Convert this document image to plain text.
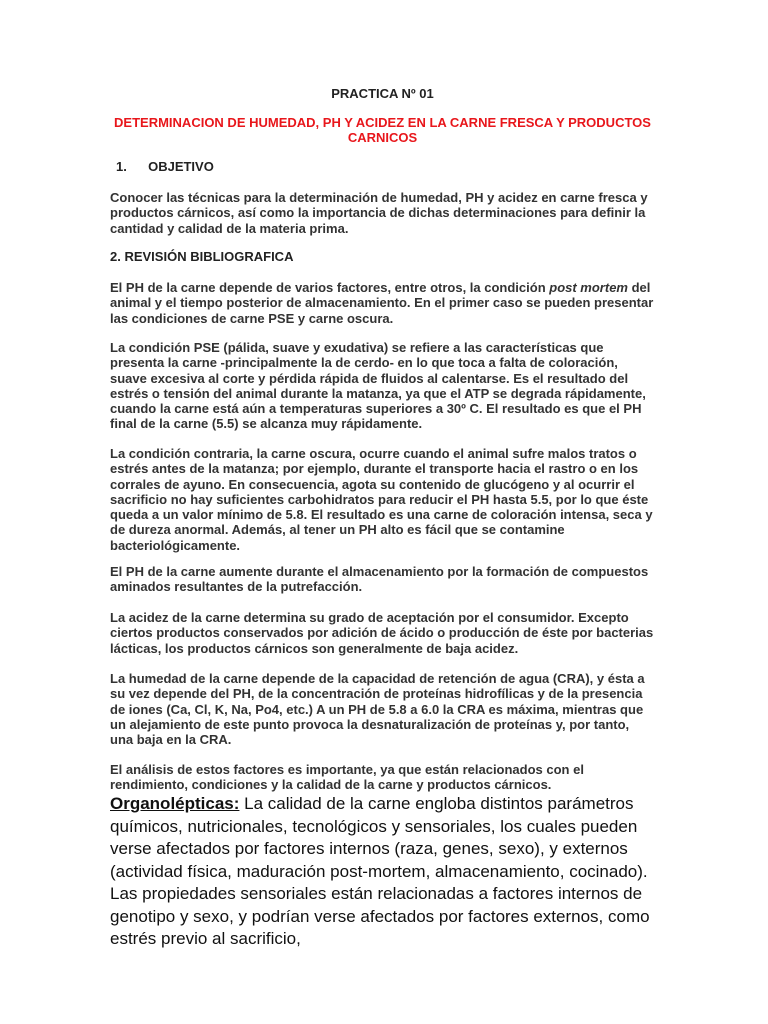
PRACTICA Nº 01
DETERMINACION DE HUMEDAD, PH Y ACIDEZ EN LA CARNE FRESCA Y PRODUCTOS CARNICOS
1. OBJETIVO
Conocer las técnicas para la determinación de humedad, PH y acidez en carne fresca y productos cárnicos, así como la importancia de dichas determinaciones para definir la cantidad y calidad de la materia prima.
2. REVISIÓN BIBLIOGRAFICA
El PH de la carne depende de varios factores, entre otros, la condición post mortem del animal y el tiempo posterior de almacenamiento. En el primer caso se pueden presentar las condiciones de carne PSE y carne oscura.
La condición PSE (pálida, suave y exudativa) se refiere a las características que presenta la carne -principalmente la de cerdo- en lo que toca a falta de coloración, suave excesiva al corte y pérdida rápida de fluidos al calentarse. Es el resultado del estrés o tensión del animal durante la matanza, ya que el ATP se degrada rápidamente, cuando la carne está aún a temperaturas superiores a 30º C. El resultado es que el PH final de la carne (5.5) se alcanza muy rápidamente.
La condición contraria, la carne oscura, ocurre cuando el animal sufre malos tratos o estrés antes de la matanza; por ejemplo, durante el transporte hacia el rastro o en los corrales de ayuno. En consecuencia, agota su contenido de glucógeno y al ocurrir el sacrificio no hay suficientes carbohidratos para reducir el PH hasta 5.5, por lo que éste queda a un valor mínimo de 5.8. El resultado es una carne de coloración intensa, seca y de dureza anormal. Además, al tener un PH alto es fácil que se contamine bacteriológicamente.
El PH de la carne aumente durante el almacenamiento por la formación de compuestos aminados resultantes de la putrefacción.
La acidez de la carne determina su grado de aceptación por el consumidor. Excepto ciertos productos conservados por adición de ácido o producción de éste por bacterias lácticas, los productos cárnicos son generalmente de baja acidez.
La humedad de la carne depende de la capacidad de retención de agua (CRA), y ésta a su vez depende del PH, de la concentración de proteínas hidrofílicas y de la presencia de iones (Ca, Cl, K, Na, Po4, etc.) A un PH de 5.8 a 6.0 la CRA es máxima, mientras que un alejamiento de este punto provoca la desnaturalización de proteínas y, por tanto, una baja en la CRA.
El análisis de estos factores es importante, ya que están relacionados con el rendimiento, condiciones y la calidad de la carne y productos cárnicos.
Organolépticas: La calidad de la carne engloba distintos parámetros químicos, nutricionales, tecnológicos y sensoriales, los cuales pueden verse afectados por factores internos (raza, genes, sexo), y externos (actividad física, maduración post-mortem, almacenamiento, cocinado). Las propiedades sensoriales están relacionadas a factores internos de genotipo y sexo, y podrían verse afectados por factores externos, como estrés previo al sacrificio,
